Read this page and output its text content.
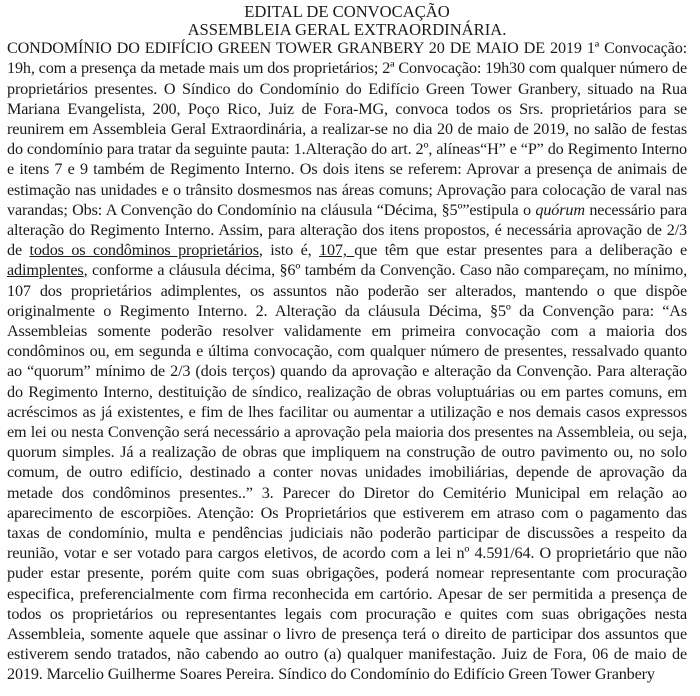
EDITAL DE CONVOCAÇÃO
ASSEMBLEIA GERAL EXTRAORDINÁRIA.

CONDOMÍNIO DO EDIFÍCIO GREEN TOWER GRANBERY 20 DE MAIO DE 2019 1ª Convocação: 19h, com a presença da metade mais um dos proprietários; 2ª Convocação: 19h30 com qualquer número de proprietários presentes. O Síndico do Condomínio do Edifício Green Tower Granbery, situado na Rua Mariana Evangelista, 200, Poço Rico, Juiz de Fora-MG, convoca todos os Srs. proprietários para se reunirem em Assembleia Geral Extraordinária, a realizar-se no dia 20 de maio de 2019, no salão de festas do condomínio para tratar da seguinte pauta: 1.Alteração do art. 2º, alíneas“H” e “P” do Regimento Interno e itens 7 e 9 também de Regimento Interno. Os dois itens se referem: Aprovar a presença de animais de estimação nas unidades e o trânsito dosmesmos nas áreas comuns; Aprovação para colocação de varal nas varandas; Obs: A Convenção do Condomínio na cláusula “Décima, §5º”estipula o quórum necessário para alteração do Regimento Interno. Assim, para alteração dos itens propostos, é necessária aprovação de 2/3 de todos os condôminos proprietários, isto é, 107, que têm que estar presentes para a deliberação e adimplentes, conforme a cláusula décima, §6º também da Convenção. Caso não compareçam, no mínimo, 107 dos proprietários adimplentes, os assuntos não poderão ser alterados, mantendo o que dispõe originalmente o Regimento Interno. 2. Alteração da cláusula Décima, §5º da Convenção para: “As Assembleias somente poderão resolver validamente em primeira convocação com a maioria dos condôminos ou, em segunda e última convocação, com qualquer número de presentes, ressalvado quanto ao “quorum” mínimo de 2/3 (dois terços) quando da aprovação e alteração da Convenção. Para alteração do Regimento Interno, destituição de síndico, realização de obras voluptuárias ou em partes comuns, em acréscimos as já existentes, e fim de lhes facilitar ou aumentar a utilização e nos demais casos expressos em lei ou nesta Convenção será necessário a aprovação pela maioria dos presentes na Assembleia, ou seja, quorum simples. Já a realização de obras que impliquem na construção de outro pavimento ou, no solo comum, de outro edifício, destinado a conter novas unidades imobiliárias, depende de aprovação da metade dos condôminos presentes..” 3. Parecer do Diretor do Cemitério Municipal em relação ao aparecimento de escorpiões. Atenção: Os Proprietários que estiverem em atraso com o pagamento das taxas de condomínio, multa e pendências judiciais não poderão participar de discussões a respeito da reunião, votar e ser votado para cargos eletivos, de acordo com a lei nº 4.591/64. O proprietário que não puder estar presente, porém quite com suas obrigações, poderá nomear representante com procuração especifica, preferencialmente com firma reconhecida em cartório. Apesar de ser permitida a presença de todos os proprietários ou representantes legais com procuração e quites com suas obrigações nesta Assembleia, somente aquele que assinar o livro de presença terá o direito de participar dos assuntos que estiverem sendo tratados, não cabendo ao outro (a) qualquer manifestação. Juiz de Fora, 06 de maio de 2019. Marcelio Guilherme Soares Pereira. Síndico do Condomínio do Edifício Green Tower Granbery
